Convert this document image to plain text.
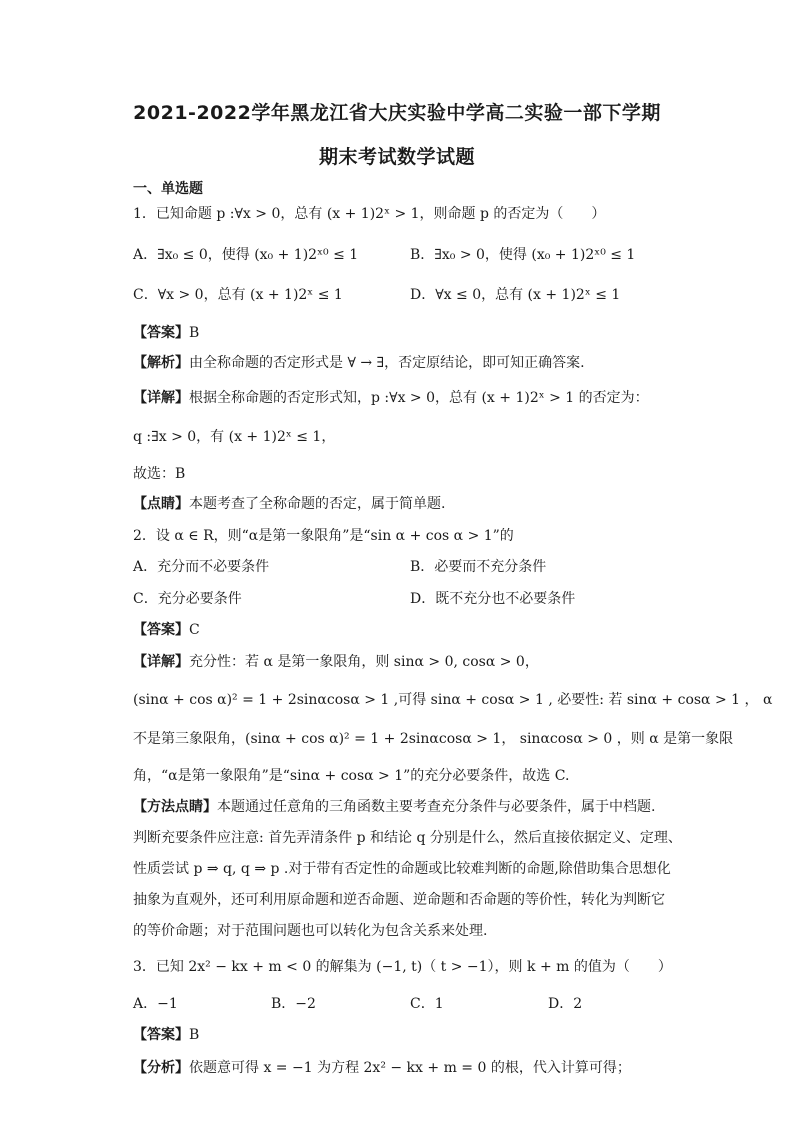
2021-2022学年黑龙江省大庆实验中学高二实验一部下学期
期末考试数学试题
一、单选题
1．已知命题 p :∀x > 0，总有 (x + 1)2ˣ > 1，则命题 p 的否定为（　　）
A．∃x₀ ≤ 0，使得 (x₀ + 1)2ˣ⁰ ≤ 1	B．∃x₀ > 0，使得 (x₀ + 1)2ˣ⁰ ≤ 1
C．∀x > 0，总有 (x + 1)2ˣ ≤ 1	D．∀x ≤ 0，总有 (x + 1)2ˣ ≤ 1
【答案】B
【解析】由全称命题的否定形式是 ∀ → ∃，否定原结论，即可知正确答案.
【详解】根据全称命题的否定形式知，p :∀x > 0，总有 (x + 1)2ˣ > 1 的否定为：
q :∃x > 0，有 (x + 1)2ˣ ≤ 1，
故选：B
【点睛】本题考查了全称命题的否定，属于简单题.
2．设 α ∈ R，则“α是第一象限角”是“sin α + cos α > 1”的
A．充分而不必要条件	B．必要而不充分条件
C．充分必要条件	D．既不充分也不必要条件
【答案】C
【详解】充分性：若 α 是第一象限角，则 sinα > 0, cosα > 0，
(sinα + cos α)² = 1 + 2sinαcosα > 1 ,可得 sinα + cosα > 1 , 必要性: 若 sinα + cosα > 1 ， α
不是第三象限角，(sinα + cos α)² = 1 + 2sinαcosα > 1， sinαcosα > 0 ，则 α 是第一象限
角，“α是第一象限角”是“sinα + cosα > 1”的充分必要条件，故选 C.
【方法点睛】本题通过任意角的三角函数主要考查充分条件与必要条件，属于中档题.
判断充要条件应注意: 首先弄清条件 p 和结论 q 分别是什么，然后直接依据定义、定理、
性质尝试 p ⇒ q, q ⇒ p .对于带有否定性的命题或比较难判断的命题,除借助集合思想化
抽象为直观外，还可利用原命题和逆否命题、逆命题和否命题的等价性，转化为判断它
的等价命题；对于范围问题也可以转化为包含关系来处理.
3．已知 2x² − kx + m < 0 的解集为 (−1, t)（ t > −1），则 k + m 的值为（　　）
A．−1	B．−2	C．1	D．2
【答案】B
【分析】依题意可得 x = −1 为方程 2x² − kx + m = 0 的根，代入计算可得；
